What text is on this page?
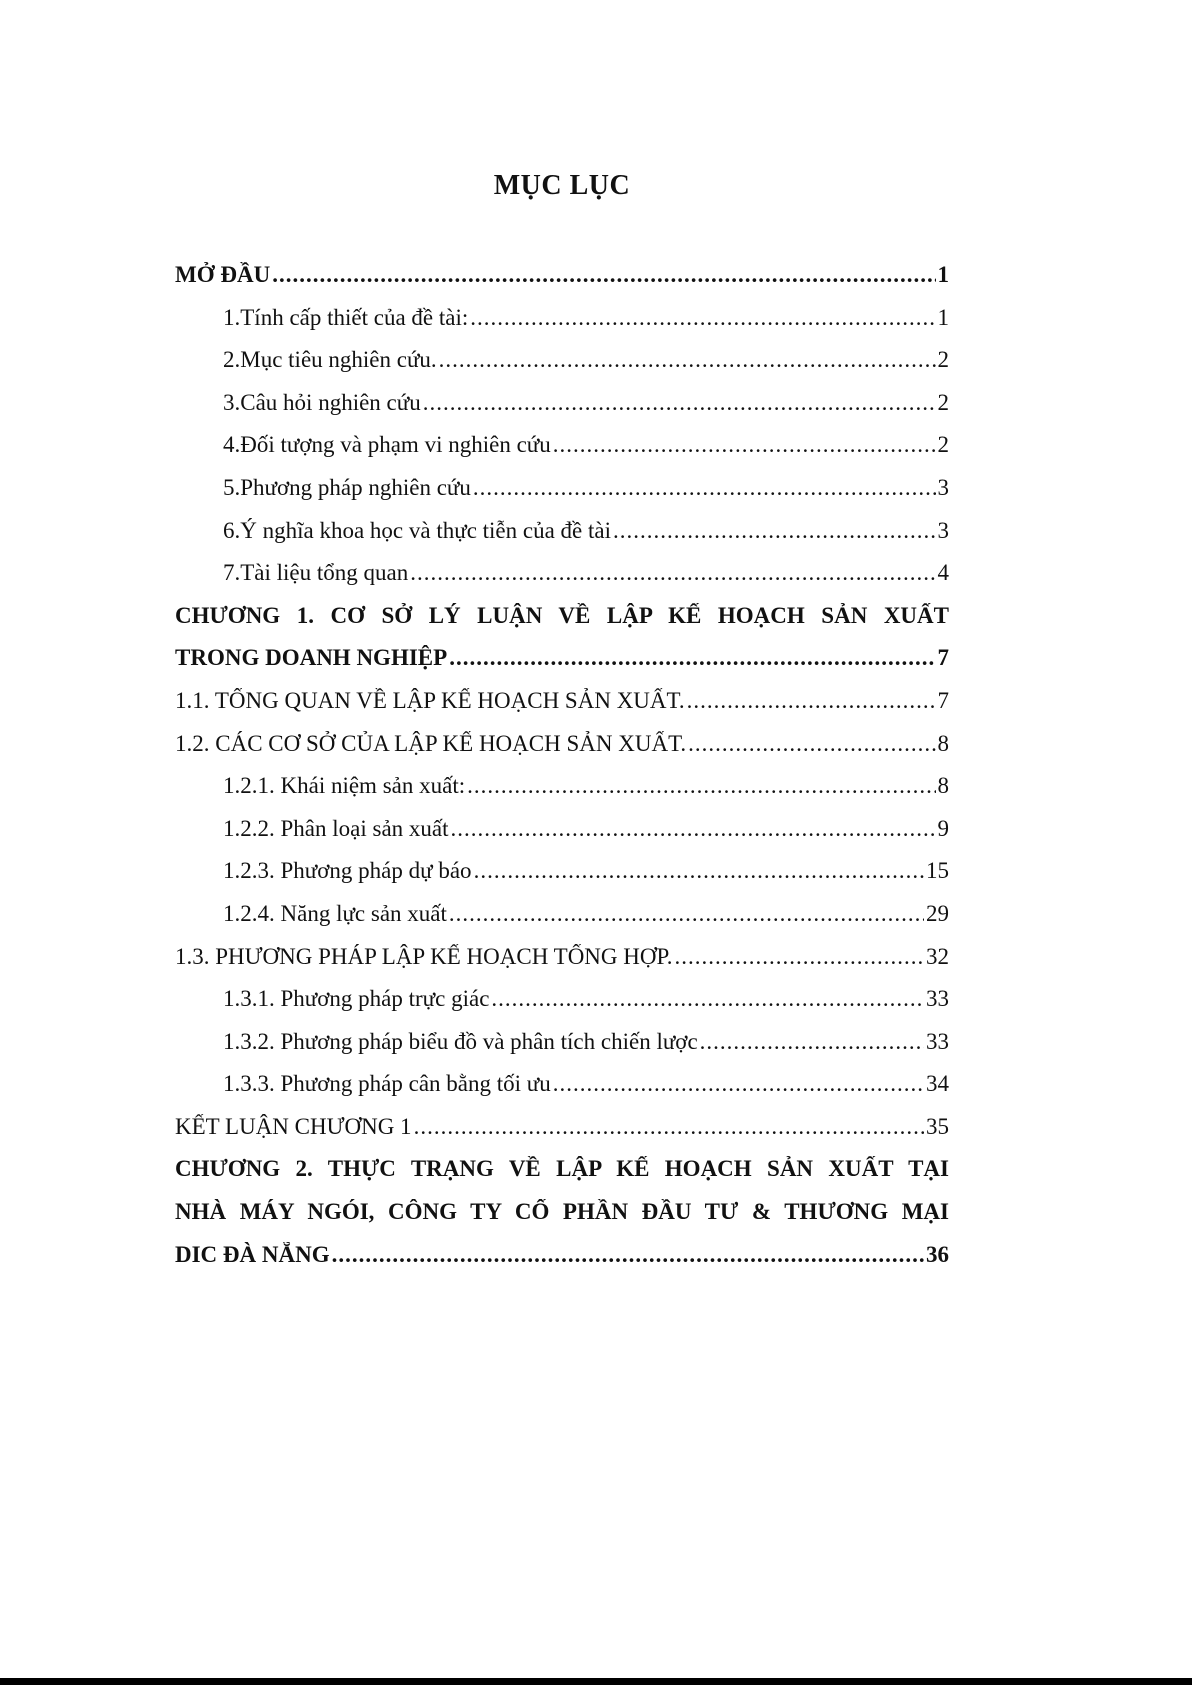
MỤC LỤC
MỞ ĐẦU .....	1
1. Tính cấp thiết của đề tài: .....	1
2. Mục tiêu nghiên cứu. .....	2
3. Câu hỏi nghiên cứu .....	2
4. Đối tượng và phạm vi nghiên cứu .....	2
5. Phương pháp nghiên cứu .....	3
6. Ý nghĩa khoa học và thực tiễn của đề tài .....	3
7. Tài liệu tổng quan .....	4
CHƯƠNG 1. CƠ SỞ LÝ LUẬN VỀ LẬP KẾ HOẠCH SẢN XUẤT
TRONG DOANH NGHIỆP .....	7
1.1. TỔNG QUAN VỀ LẬP KẾ HOẠCH SẢN XUẤT. .....	7
1.2. CÁC CƠ SỞ CỦA LẬP KẾ HOẠCH SẢN XUẤT. .....	8
1.2.1. Khái niệm sản xuất: .....	8
1.2.2. Phân loại sản xuất .....	9
1.2.3. Phương pháp dự báo .....	15
1.2.4. Năng lực sản xuất .....	29
1.3. PHƯƠNG PHÁP LẬP KẾ HOẠCH TỔNG HỢP. .....	32
1.3.1. Phương pháp trực giác .....	33
1.3.2. Phương pháp biểu đồ và phân tích chiến lược .....	33
1.3.3. Phương pháp cân bằng tối ưu .....	34
KẾT LUẬN CHƯƠNG 1 .....	35
CHƯƠNG 2. THỰC TRẠNG VỀ LẬP KẾ HOẠCH SẢN XUẤT TẠI
NHÀ MÁY NGÓI, CÔNG TY CỔ PHẦN ĐẦU TƯ & THƯƠNG MẠI
DIC ĐÀ NẴNG .....	36
